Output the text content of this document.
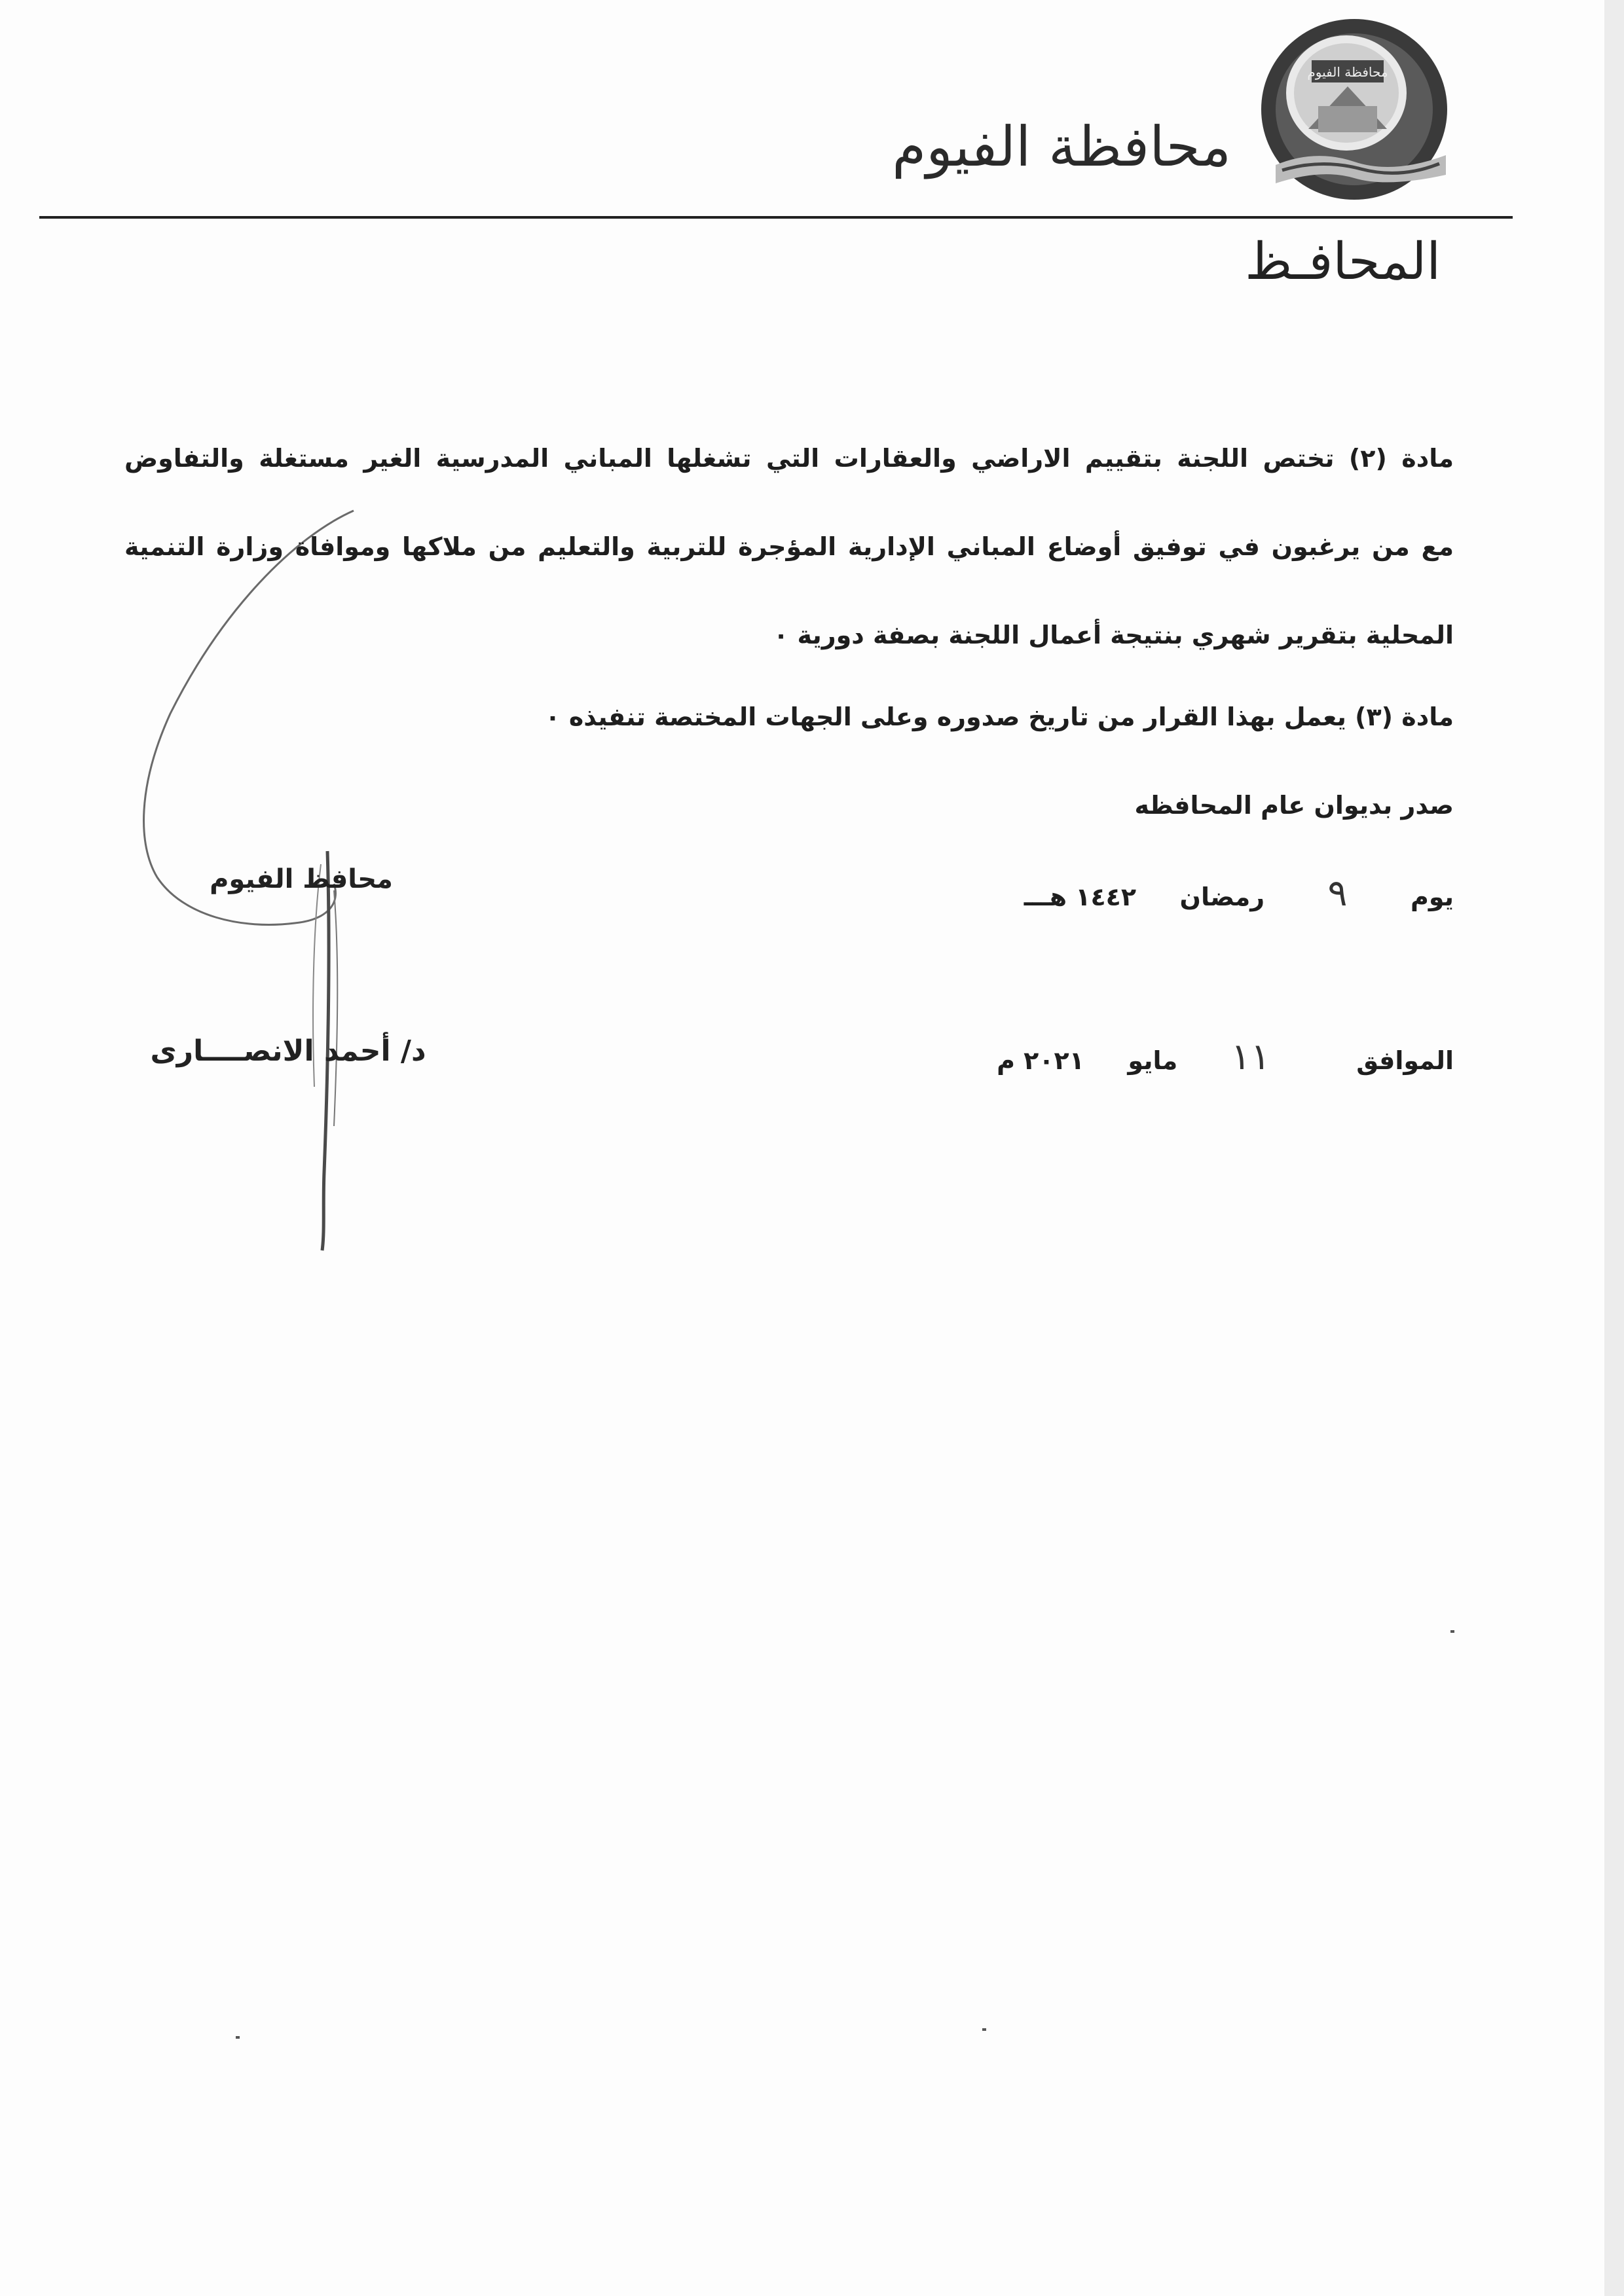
محافظة الفيوم
محافظة الفيوم
المحافـظ
مادة (٢) تختص اللجنة بتقييم الاراضي والعقارات التي تشغلها المباني المدرسية الغير مستغلة والتفاوض
مع من يرغبون في توفيق أوضاع المباني الإدارية المؤجرة للتربية والتعليم من ملاكها وموافاة وزارة التنمية
المحلية بتقرير شهري بنتيجة أعمال اللجنة بصفة دورية ٠
مادة (٣) يعمل بهذا القرار من تاريخ صدوره وعلى الجهات المختصة تنفيذه ٠
صدر بديوان عام المحافظه
يوم  ٩  رمضان  ١٤٤٢ هـــ
الموافق  ١١  مايو  ٢٠٢١ م
محافظ الفيوم
د/ أحمد الانصــــارى
